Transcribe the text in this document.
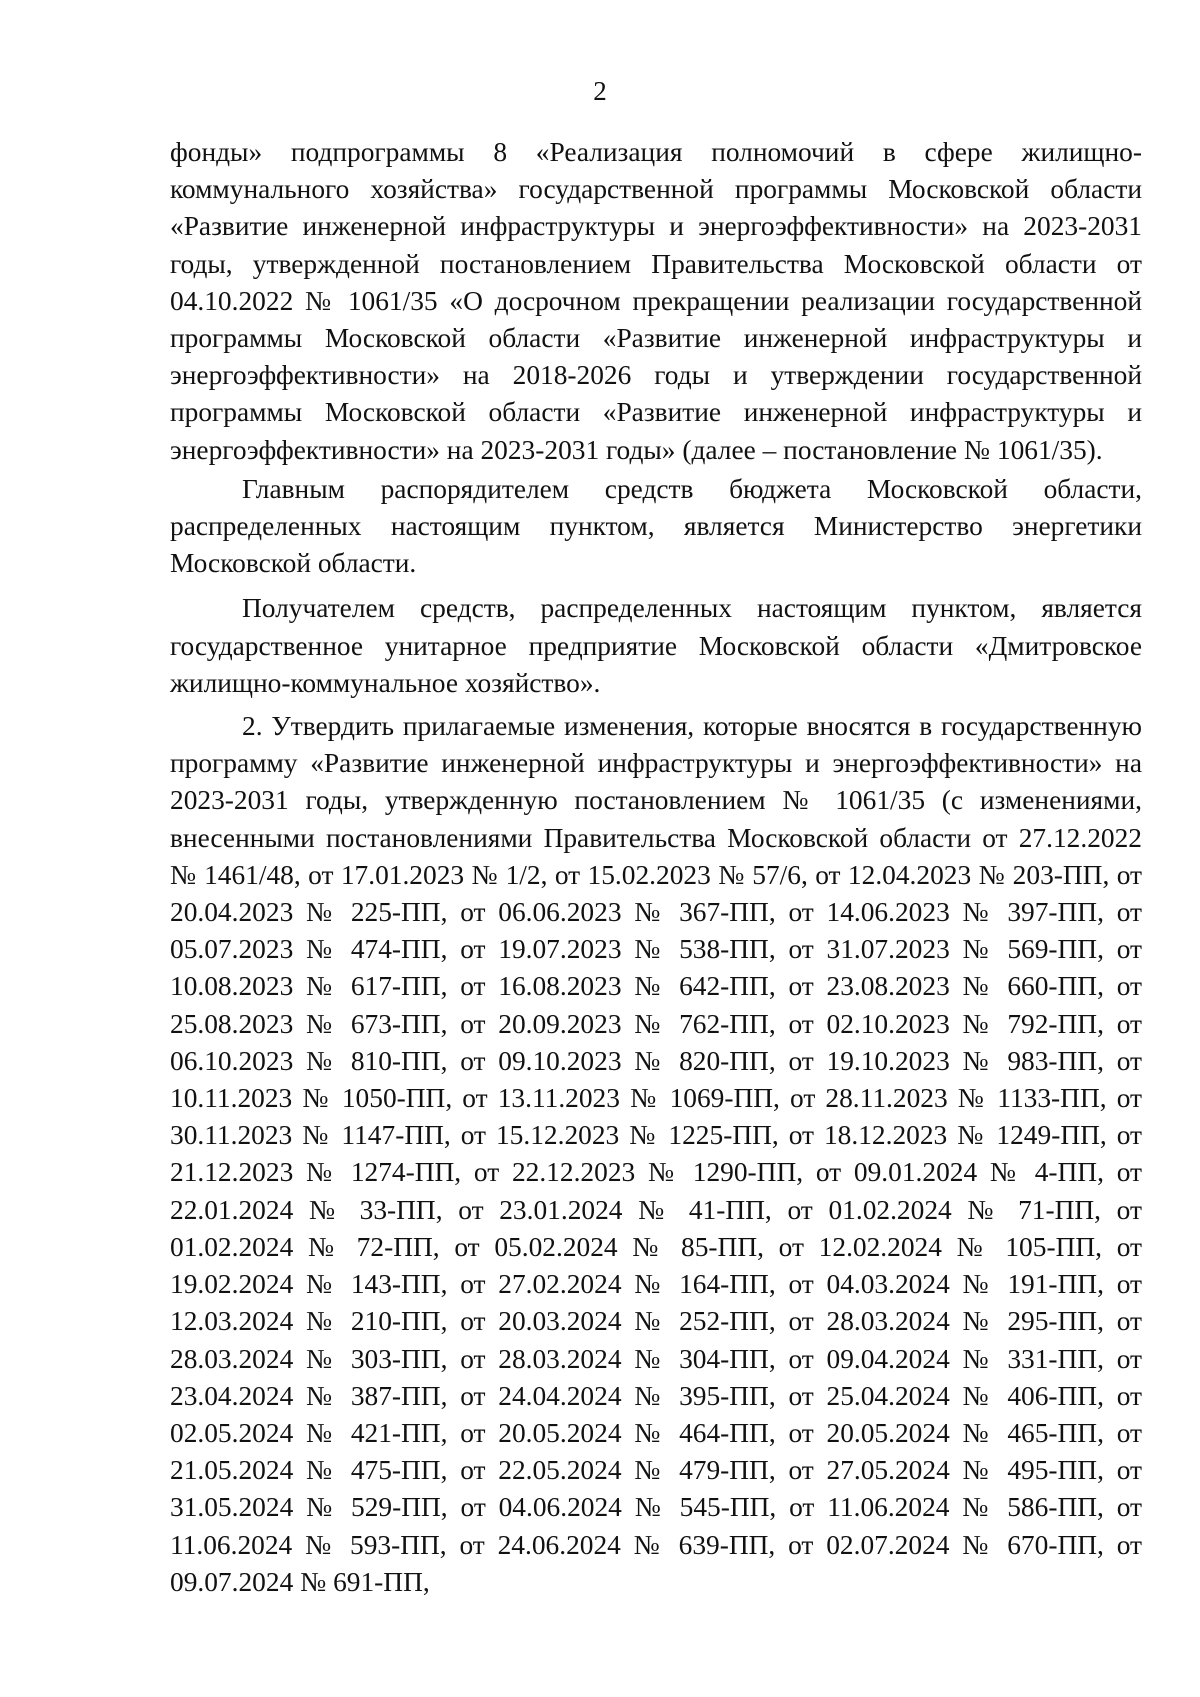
2

фонды» подпрограммы 8 «Реализация полномочий в сфере жилищно-коммунального хозяйства» государственной программы Московской области «Развитие инженерной инфраструктуры и энергоэффективности» на 2023-2031 годы, утвержденной постановлением Правительства Московской области от 04.10.2022 № 1061/35 «О досрочном прекращении реализации государственной программы Московской области «Развитие инженерной инфраструктуры и энергоэффективности» на 2018-2026 годы и утверждении государственной программы Московской области «Развитие инженерной инфраструктуры и энергоэффективности» на 2023-2031 годы» (далее – постановление № 1061/35).

Главным распорядителем средств бюджета Московской области, распределенных настоящим пунктом, является Министерство энергетики Московской области.

Получателем средств, распределенных настоящим пунктом, является государственное унитарное предприятие Московской области «Дмитровское жилищно-коммунальное хозяйство».

2. Утвердить прилагаемые изменения, которые вносятся в государственную программу «Развитие инженерной инфраструктуры и энергоэффективности» на 2023-2031 годы, утвержденную постановлением № 1061/35 (с изменениями, внесенными постановлениями Правительства Московской области от 27.12.2022 № 1461/48, от 17.01.2023 № 1/2, от 15.02.2023 № 57/6, от 12.04.2023 № 203-ПП, от 20.04.2023 № 225-ПП, от 06.06.2023 № 367-ПП, от 14.06.2023 № 397-ПП, от 05.07.2023 № 474-ПП, от 19.07.2023 № 538-ПП, от 31.07.2023 № 569-ПП, от 10.08.2023 № 617-ПП, от 16.08.2023 № 642-ПП, от 23.08.2023 № 660-ПП, от 25.08.2023 № 673-ПП, от 20.09.2023 № 762-ПП, от 02.10.2023 № 792-ПП, от 06.10.2023 № 810-ПП, от 09.10.2023 № 820-ПП, от 19.10.2023 № 983-ПП, от 10.11.2023 № 1050-ПП, от 13.11.2023 № 1069-ПП, от 28.11.2023 № 1133-ПП, от 30.11.2023 № 1147-ПП, от 15.12.2023 № 1225-ПП, от 18.12.2023 № 1249-ПП, от 21.12.2023 № 1274-ПП, от 22.12.2023 № 1290-ПП, от 09.01.2024 № 4-ПП, от 22.01.2024 № 33-ПП, от 23.01.2024 № 41-ПП, от 01.02.2024 № 71-ПП, от 01.02.2024 № 72-ПП, от 05.02.2024 № 85-ПП, от 12.02.2024 № 105-ПП, от 19.02.2024 № 143-ПП, от 27.02.2024 № 164-ПП, от 04.03.2024 № 191-ПП, от 12.03.2024 № 210-ПП, от 20.03.2024 № 252-ПП, от 28.03.2024 № 295-ПП, от 28.03.2024 № 303-ПП, от 28.03.2024 № 304-ПП, от 09.04.2024 № 331-ПП, от 23.04.2024 № 387-ПП, от 24.04.2024 № 395-ПП, от 25.04.2024 № 406-ПП, от 02.05.2024 № 421-ПП, от 20.05.2024 № 464-ПП, от 20.05.2024 № 465-ПП, от 21.05.2024 № 475-ПП, от 22.05.2024 № 479-ПП, от 27.05.2024 № 495-ПП, от 31.05.2024 № 529-ПП, от 04.06.2024 № 545-ПП, от 11.06.2024 № 586-ПП, от 11.06.2024 № 593-ПП, от 24.06.2024 № 639-ПП, от 02.07.2024 № 670-ПП, от 09.07.2024 № 691-ПП,
